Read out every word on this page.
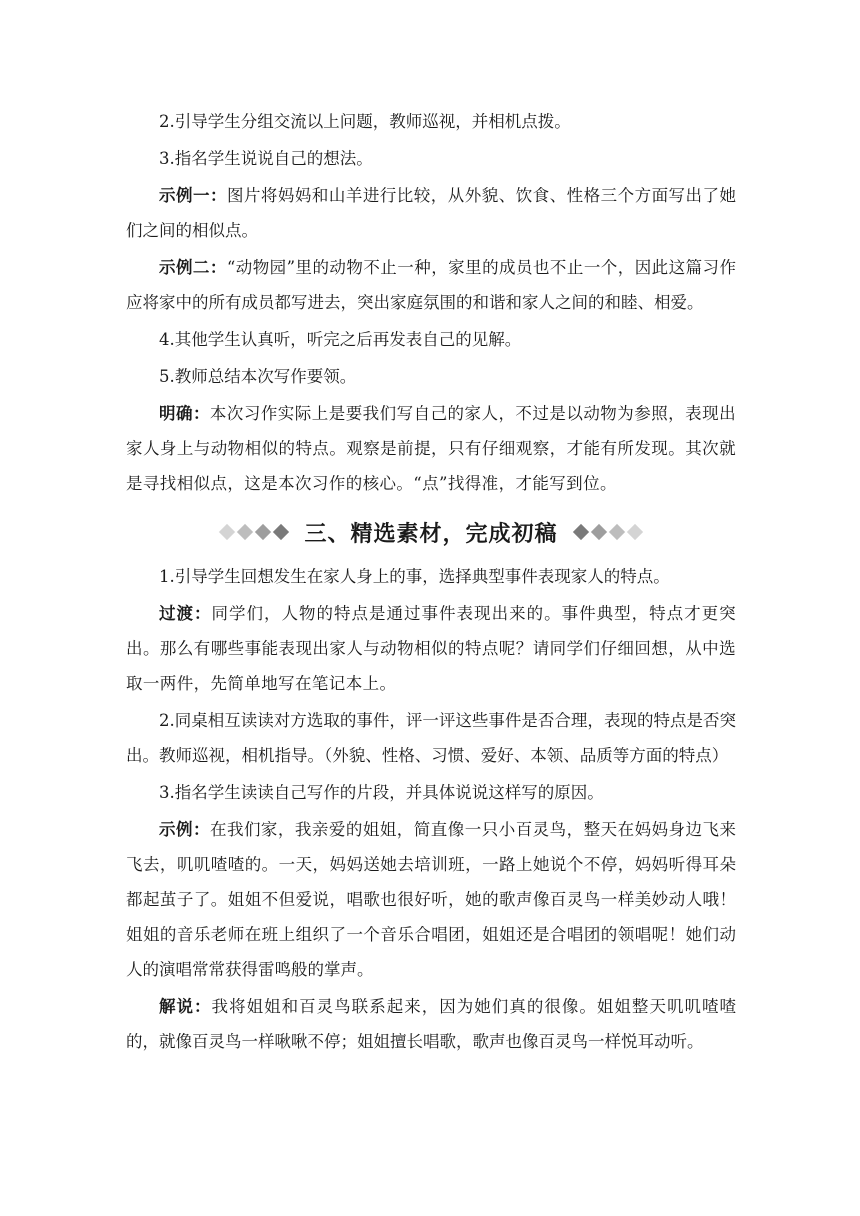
2.引导学生分组交流以上问题，教师巡视，并相机点拨。

3.指名学生说说自己的想法。

示例一：图片将妈妈和山羊进行比较，从外貌、饮食、性格三个方面写出了她们之间的相似点。

示例二：“动物园”里的动物不止一种，家里的成员也不止一个，因此这篇习作应将家中的所有成员都写进去，突出家庭氛围的和谐和家人之间的和睦、相爱。

4.其他学生认真听，听完之后再发表自己的见解。

5.教师总结本次写作要领。

明确：本次习作实际上是要我们写自己的家人，不过是以动物为参照，表现出家人身上与动物相似的特点。观察是前提，只有仔细观察，才能有所发现。其次就是寻找相似点，这是本次习作的核心。“点”找得准，才能写到位。

三、精选素材，完成初稿

1.引导学生回想发生在家人身上的事，选择典型事件表现家人的特点。

过渡：同学们，人物的特点是通过事件表现出来的。事件典型，特点才更突出。那么有哪些事能表现出家人与动物相似的特点呢？请同学们仔细回想，从中选取一两件，先简单地写在笔记本上。

2.同桌相互读读对方选取的事件，评一评这些事件是否合理，表现的特点是否突出。教师巡视，相机指导。（外貌、性格、习惯、爱好、本领、品质等方面的特点）

3.指名学生读读自己写作的片段，并具体说说这样写的原因。

示例：在我们家，我亲爱的姐姐，简直像一只小百灵鸟，整天在妈妈身边飞来飞去，叽叽喳喳的。一天，妈妈送她去培训班，一路上她说个不停，妈妈听得耳朵都起茧子了。姐姐不但爱说，唱歌也很好听，她的歌声像百灵鸟一样美妙动人哦！姐姐的音乐老师在班上组织了一个音乐合唱团，姐姐还是合唱团的领唱呢！她们动人的演唱常常获得雷鸣般的掌声。

解说：我将姐姐和百灵鸟联系起来，因为她们真的很像。姐姐整天叽叽喳喳的，就像百灵鸟一样啾啾不停；姐姐擅长唱歌，歌声也像百灵鸟一样悦耳动听。
